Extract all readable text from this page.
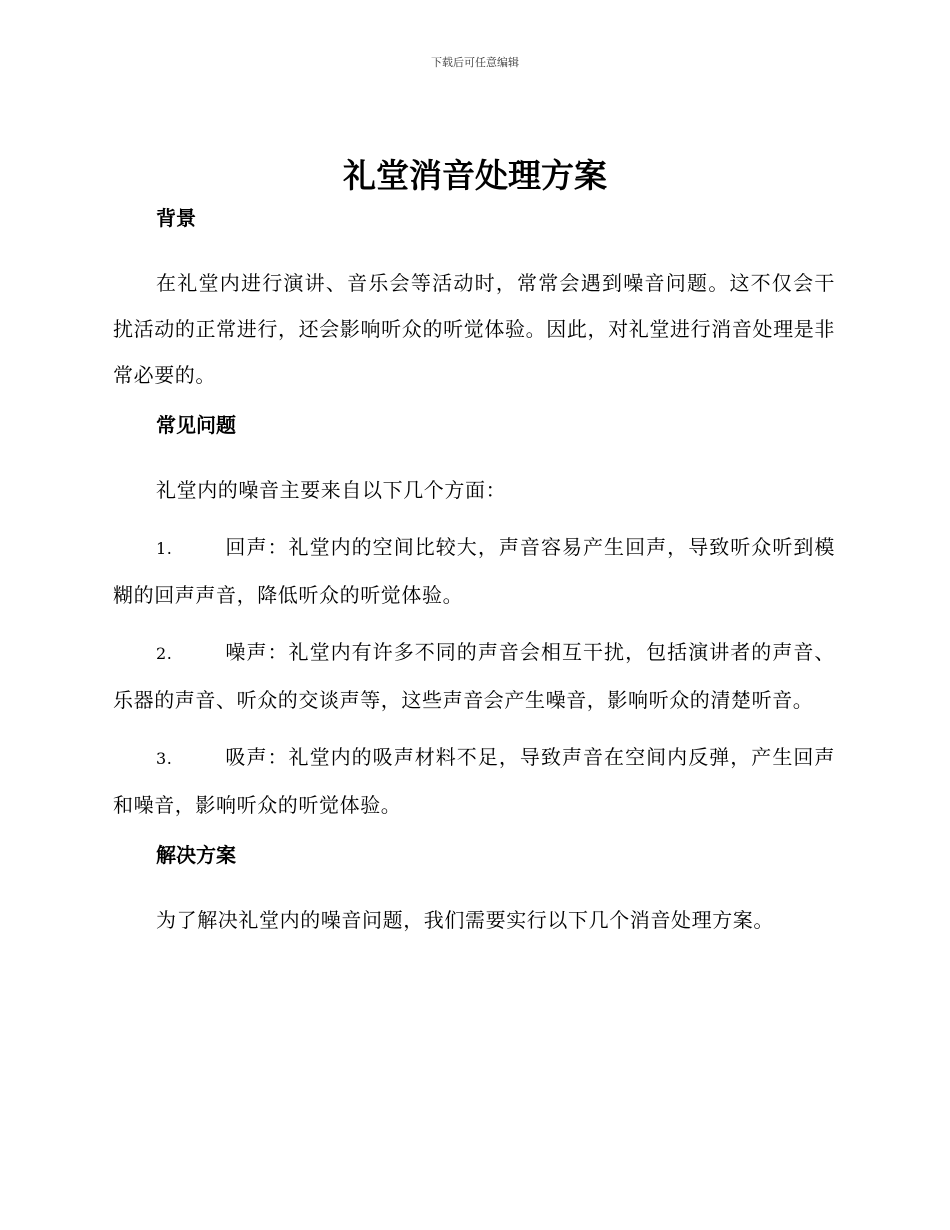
下载后可任意编辑
礼堂消音处理方案
背景

在礼堂内进行演讲、音乐会等活动时，常常会遇到噪音问题。这不仅会干扰活动的正常进行，还会影响听众的听觉体验。因此，对礼堂进行消音处理是非常必要的。

常见问题

礼堂内的噪音主要来自以下几个方面：

1.	回声：礼堂内的空间比较大，声音容易产生回声，导致听众听到模糊的回声声音，降低听众的听觉体验。

2.	噪声：礼堂内有许多不同的声音会相互干扰，包括演讲者的声音、乐器的声音、听众的交谈声等，这些声音会产生噪音，影响听众的清楚听音。

3.	吸声：礼堂内的吸声材料不足，导致声音在空间内反弹，产生回声和噪音，影响听众的听觉体验。

解决方案

为了解决礼堂内的噪音问题，我们需要实行以下几个消音处理方案。
